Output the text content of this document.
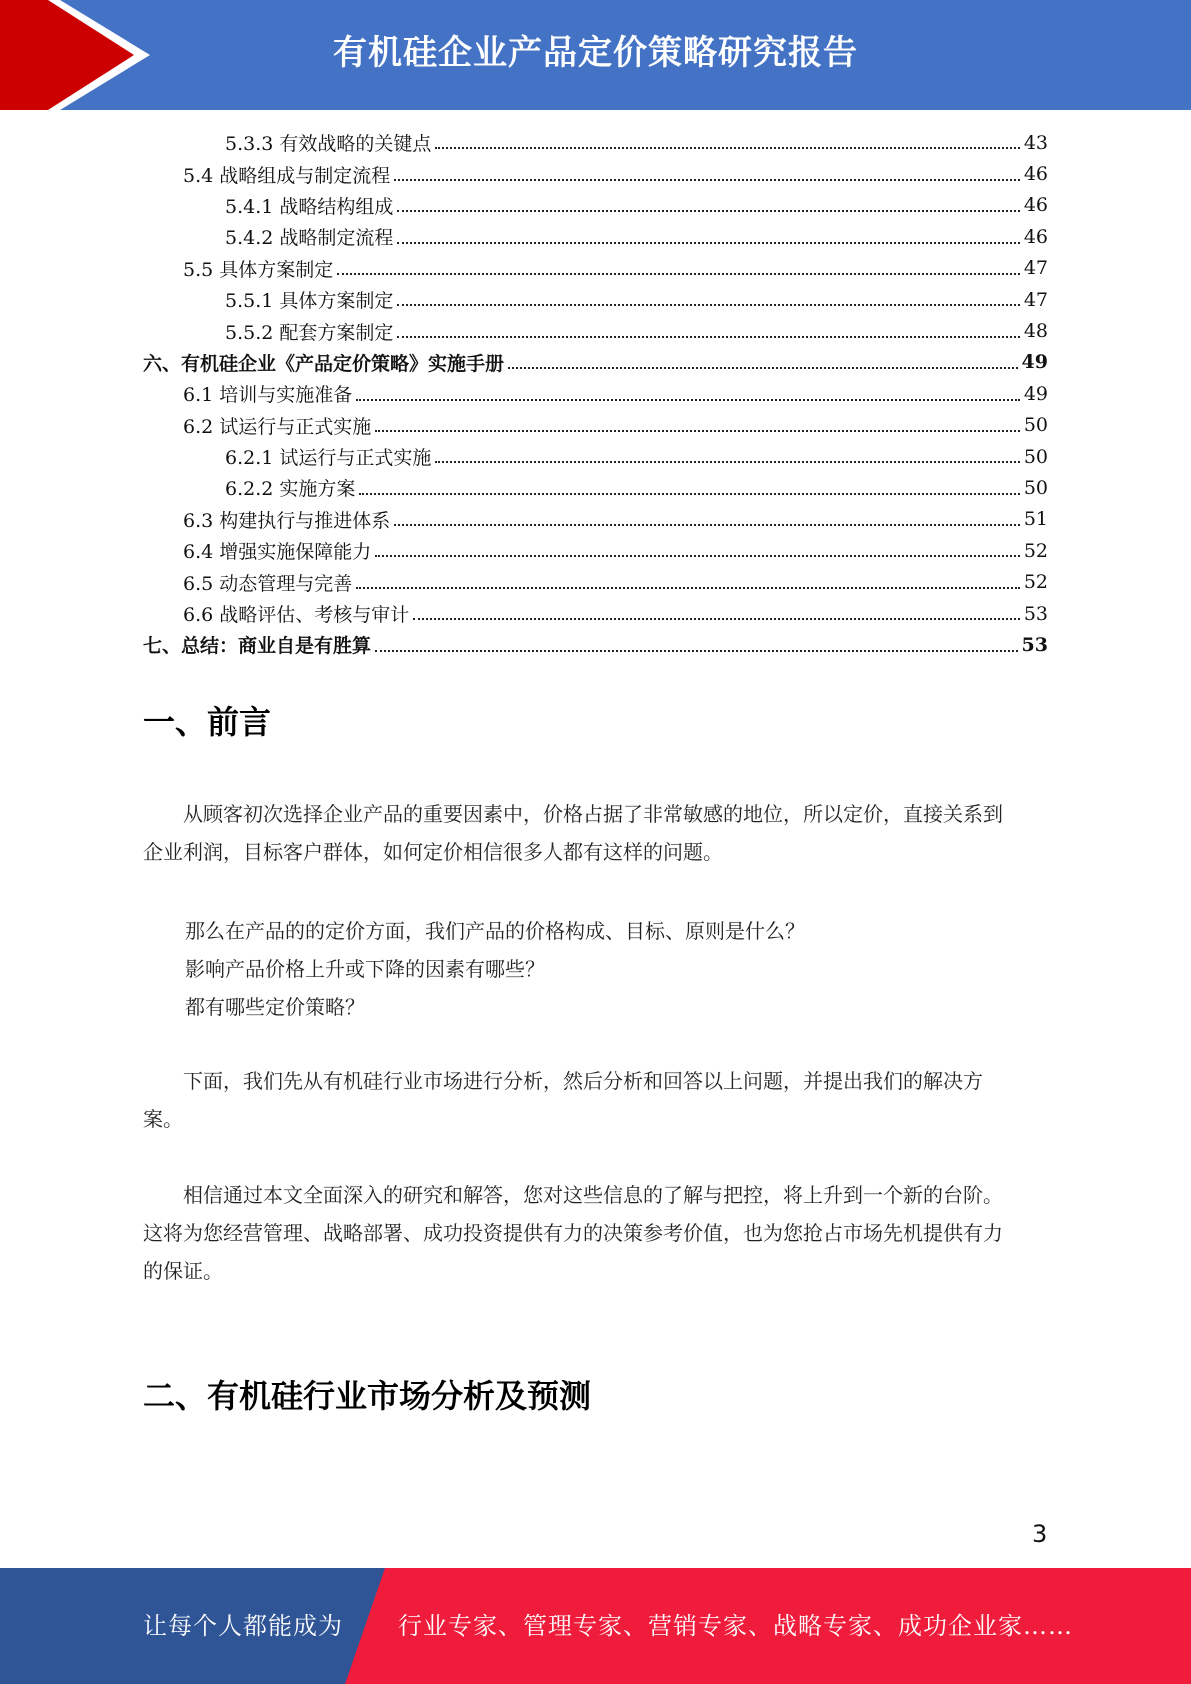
有机硅企业产品定价策略研究报告
5.3.3 有效战略的关键点	43
5.4 战略组成与制定流程	46
5.4.1 战略结构组成	46
5.4.2 战略制定流程	46
5.5 具体方案制定	47
5.5.1 具体方案制定	47
5.5.2 配套方案制定	48
六、有机硅企业《产品定价策略》实施手册	49
6.1 培训与实施准备	49
6.2 试运行与正式实施	50
6.2.1 试运行与正式实施	50
6.2.2 实施方案	50
6.3 构建执行与推进体系	51
6.4 增强实施保障能力	52
6.5 动态管理与完善	52
6.6 战略评估、考核与审计	53
七、总结：商业自是有胜算	53
一、前言
从顾客初次选择企业产品的重要因素中，价格占据了非常敏感的地位，所以定价，直接关系到
企业利润，目标客户群体，如何定价相信很多人都有这样的问题。
那么在产品的的定价方面，我们产品的价格构成、目标、原则是什么？
影响产品价格上升或下降的因素有哪些？
都有哪些定价策略？
下面，我们先从有机硅行业市场进行分析，然后分析和回答以上问题，并提出我们的解决方
案。
相信通过本文全面深入的研究和解答，您对这些信息的了解与把控，将上升到一个新的台阶。
这将为您经营管理、战略部署、成功投资提供有力的决策参考价值，也为您抢占市场先机提供有力
的保证。
二、有机硅行业市场分析及预测
3
让每个人都能成为 行业专家、管理专家、营销专家、战略专家、成功企业家……
